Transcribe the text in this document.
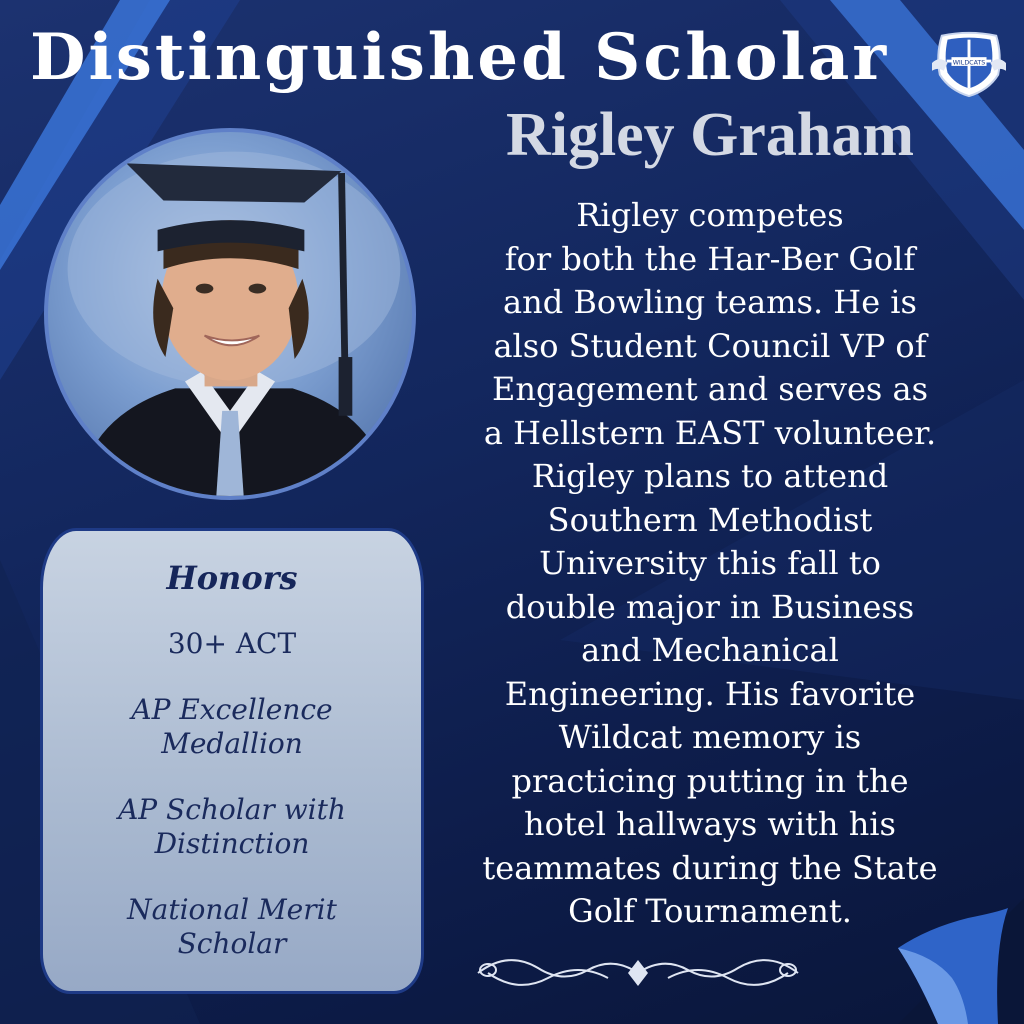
Distinguished Scholar	WILDCATS
Rigley Graham
Rigley competes
for both the Har-Ber Golf
and Bowling teams. He is
also Student Council VP of
Engagement and serves as
a Hellstern EAST volunteer.
Rigley plans to attend
Southern Methodist
University this fall to
double major in Business
and Mechanical
Engineering. His favorite
Wildcat memory is
practicing putting in the
hotel hallways with his
teammates during the State
Golf Tournament.
Honors

30+ ACT

AP Excellence
Medallion

AP Scholar with
Distinction

National Merit
Scholar
